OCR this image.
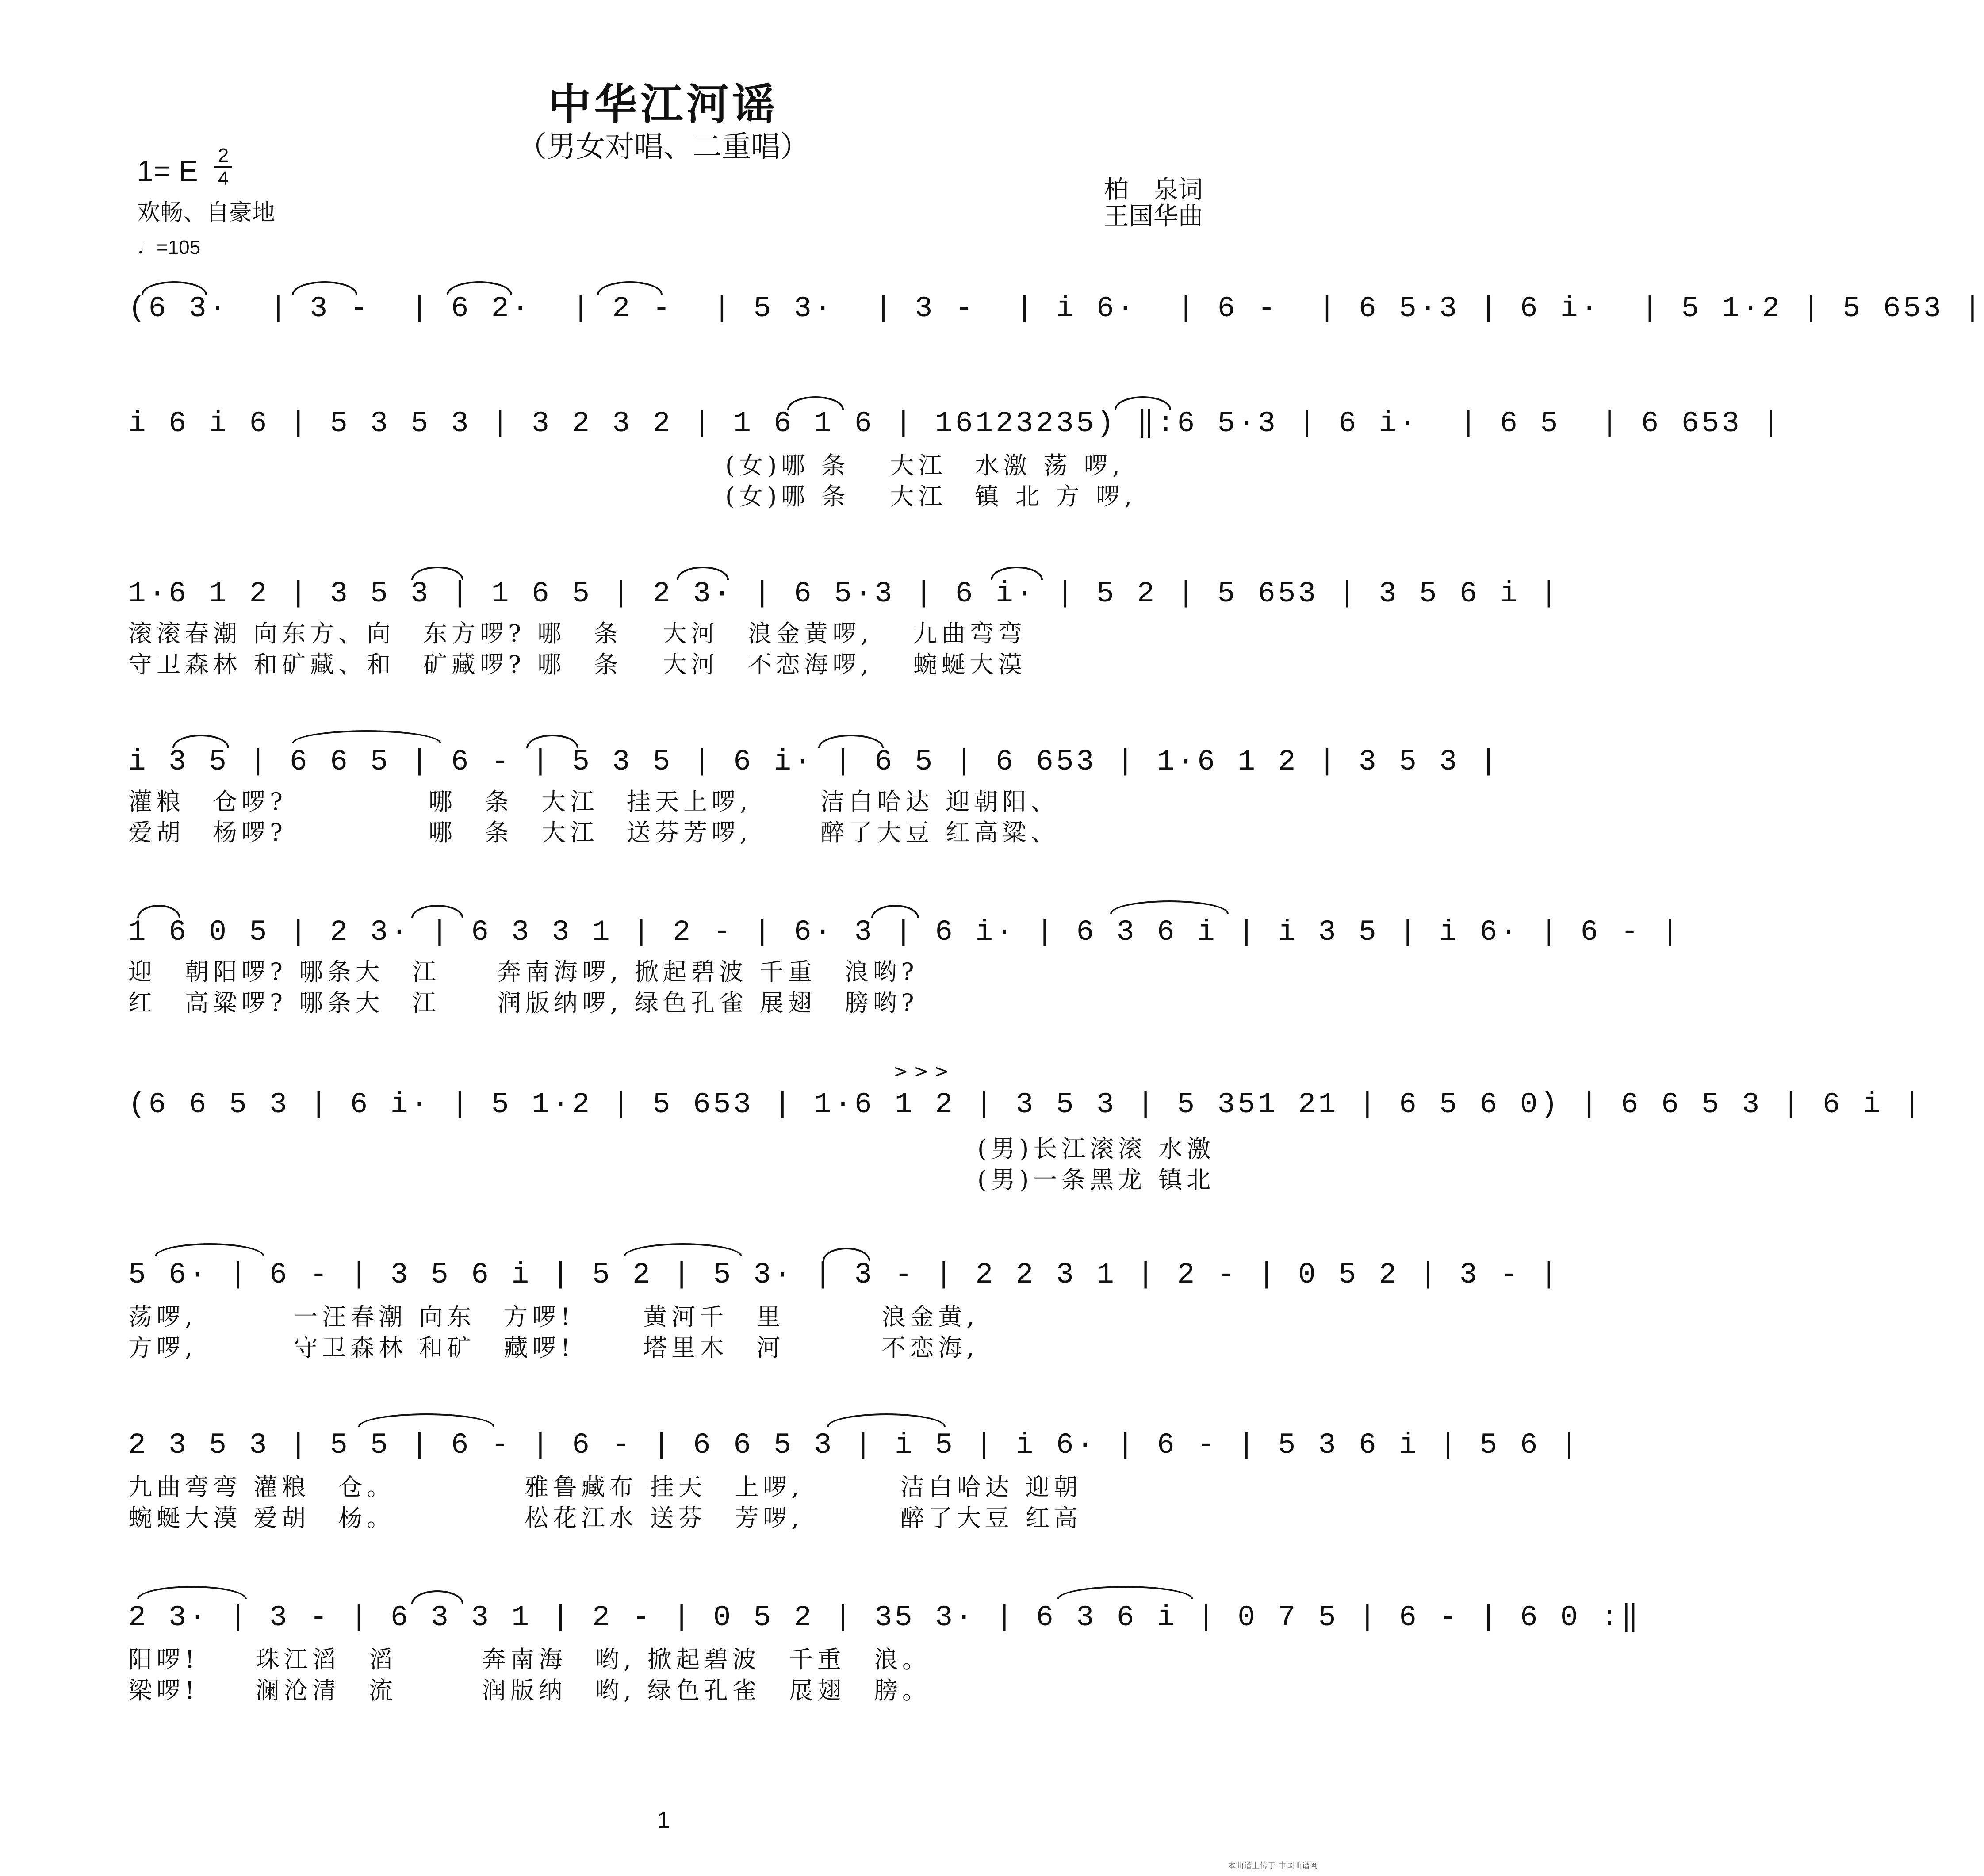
中华江河谣
（男女对唱、二重唱）
1= E 2
4
欢畅、自豪地
♩=105
柏　泉词
王国华曲
(6 3·  | 3 -  | 6 2·  | 2 -  | 5 3·  | 3 -  | i 6·  | 6 -  | 6 5·3 | 6 i·  | 5 1·2 | 5 653 |
i 6 i 6 | 5 3 5 3 | 3 2 3 2 | 1 6 1 6 | 16123235) ‖:6 5·3 | 6 i·  | 6 5  | 6 653 |
(女)哪 条　 大江　水激 荡 啰,
(女)哪 条　 大江　镇 北 方 啰,
1·6 1 2 | 3 5 3 | 1 6 5 | 2 3· | 6 5·3 | 6 i· | 5 2 | 5 653 | 3 5 6 i |
滚滚春潮 向东方、向　东方啰? 哪　条　 大河　浪金黄啰,　 九曲弯弯
守卫森林 和矿藏、和　矿藏啰? 哪　条　 大河　不恋海啰,　 蜿蜒大漠
i 3 5 | 6 6 5 | 6 - | 5 3 5 | 6 i· | 6 5 | 6 653 | 1·6 1 2 | 3 5 3 |
灌粮　仓啰?　　　　　哪　条　大江　挂天上啰,　　 洁白哈达 迎朝阳、
爱胡　杨啰?　　　　　哪　条　大江　送芬芳啰,　　 醉了大豆 红高粱、
1 6 0 5 | 2 3· | 6 3 3 1 | 2 - | 6· 3 | 6 i· | 6 3 6 i | i 3 5 | i 6· | 6 - |
迎　朝阳啰? 哪条大　江　　奔南海啰, 掀起碧波 千重　浪哟?
红　高粱啰? 哪条大　江　　润版纳啰, 绿色孔雀 展翅　膀哟?
(6 6 5 3 | 6 i· | 5 1·2 | 5 653 | 1·6 1 2 | 3 5 3 | 5 351 21 | 6 5 6 0) | 6 6 5 3 | 6 i |
> > >
(男)长江滚滚 水激
(男)一条黑龙 镇北
5 6· | 6 - | 3 5 6 i | 5 2 | 5 3· | 3 - | 2 2 3 1 | 2 - | 0 5 2 | 3 - |
荡啰,　　　 一汪春潮 向东　方啰!　　 黄河千　里　　　 浪金黄,
方啰,　　　 守卫森林 和矿　藏啰!　　 塔里木　河　　　 不恋海,
2 3 5 3 | 5 5 | 6 - | 6 - | 6 6 5 3 | i 5 | i 6· | 6 - | 5 3 6 i | 5 6 |
九曲弯弯 灌粮　仓。　　　　　雅鲁藏布 挂天　上啰,　　　 洁白哈达 迎朝
蜿蜒大漠 爱胡　杨。　　　　　松花江水 送芬　芳啰,　　　 醉了大豆 红高
2 3· | 3 - | 6 3 3 1 | 2 - | 0 5 2 | 35 3· | 6 3 6 i | 0 7 5 | 6 - | 6 0 :‖
阳啰!　　珠江滔　滔　　　奔南海　哟, 掀起碧波　千重　浪。
梁啰!　　澜沧清　流　　　润版纳　哟, 绿色孔雀　展翅　膀。
1
本曲谱上传于 中国曲谱网
